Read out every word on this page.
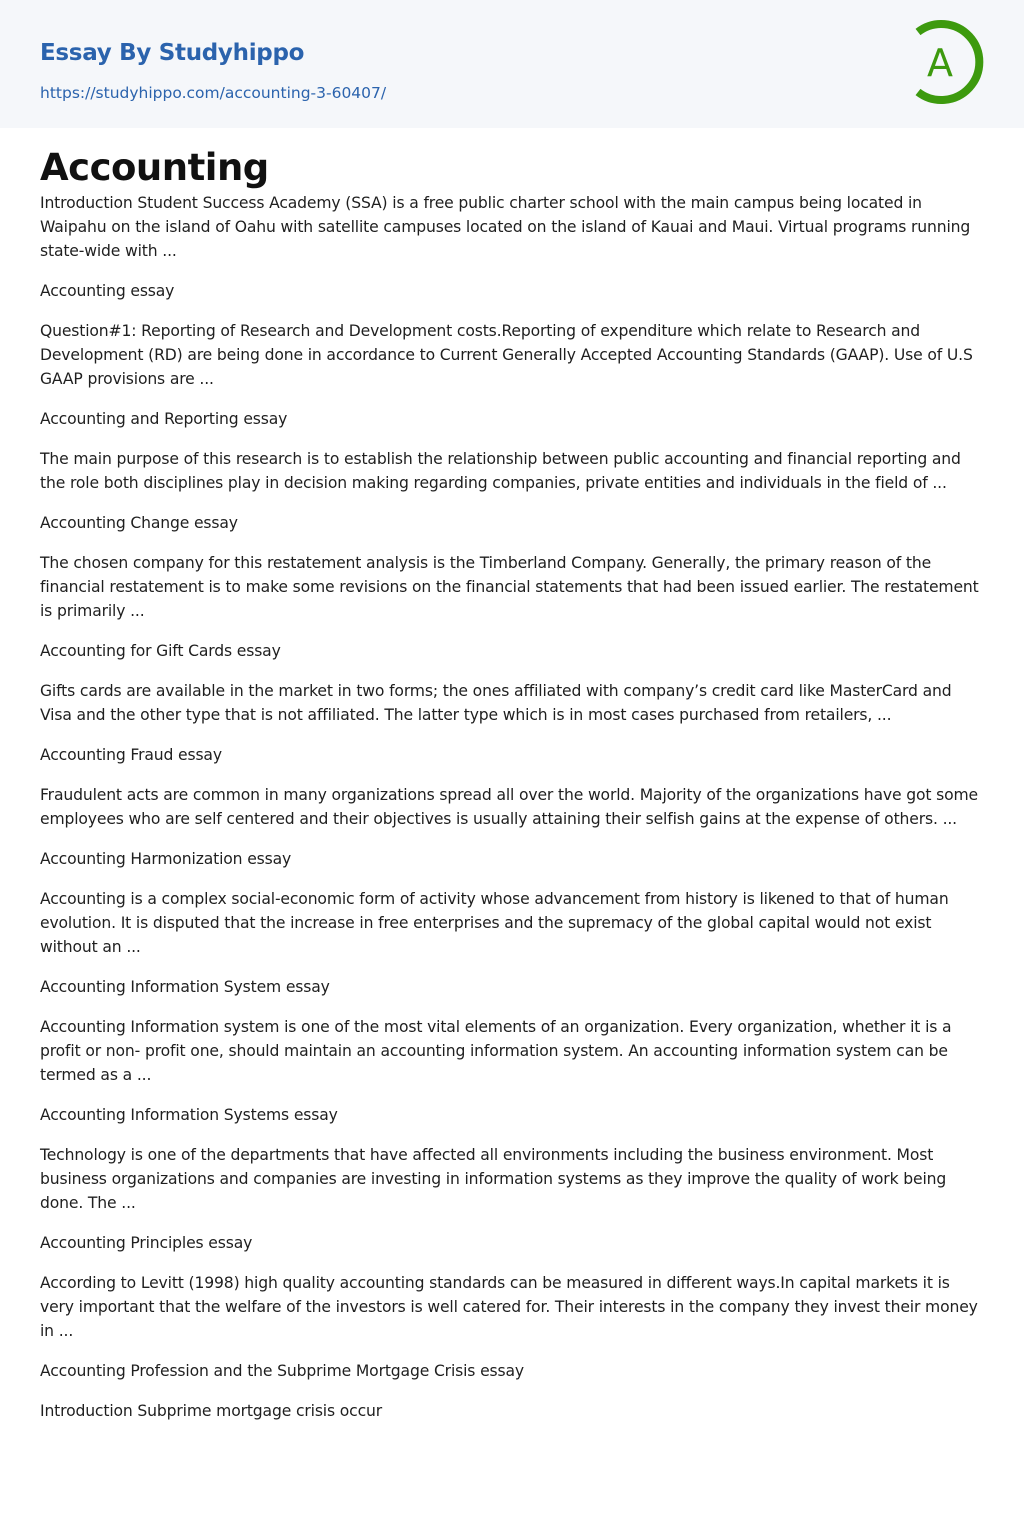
Essay By Studyhippo
https://studyhippo.com/accounting-3-60407/
A
Accounting

Introduction Student Success Academy (SSA) is a free public charter school with the main campus being located in Waipahu on the island of Oahu with satellite campuses located on the island of Kauai and Maui. Virtual programs running state-wide with ...

Accounting essay

Question#1: Reporting of Research and Development costs.Reporting of expenditure which relate to Research and Development (RD) are being done in accordance to Current Generally Accepted Accounting Standards (GAAP). Use of U.S GAAP provisions are ...

Accounting and Reporting essay

The main purpose of this research is to establish the relationship between public accounting and financial reporting and the role both disciplines play in decision making regarding companies, private entities and individuals in the field of ...

Accounting Change essay

The chosen company for this restatement analysis is the Timberland Company. Generally, the primary reason of the financial restatement is to make some revisions on the financial statements that had been issued earlier. The restatement is primarily ...

Accounting for Gift Cards essay

Gifts cards are available in the market in two forms; the ones affiliated with company’s credit card like MasterCard and Visa and the other type that is not affiliated. The latter type which is in most cases purchased from retailers, ...

Accounting Fraud essay

Fraudulent acts are common in many organizations spread all over the world. Majority of the organizations have got some employees who are self centered and their objectives is usually attaining their selfish gains at the expense of others. ...

Accounting Harmonization essay

Accounting is a complex social-economic form of activity whose advancement from history is likened to that of human evolution. It is disputed that the increase in free enterprises and the supremacy of the global capital would not exist without an ...

Accounting Information System essay

Accounting Information system is one of the most vital elements of an organization. Every organization, whether it is a profit or non- profit one, should maintain an accounting information system. An accounting information system can be termed as a ...

Accounting Information Systems essay

Technology is one of the departments that have affected all environments including the business environment. Most business organizations and companies are investing in information systems as they improve the quality of work being done. The ...

Accounting Principles essay

According to Levitt (1998) high quality accounting standards can be measured in different ways.In capital markets it is very important that the welfare of the investors is well catered for. Their interests in the company they invest their money in ...

Accounting Profession and the Subprime Mortgage Crisis essay

Introduction Subprime mortgage crisis occur
